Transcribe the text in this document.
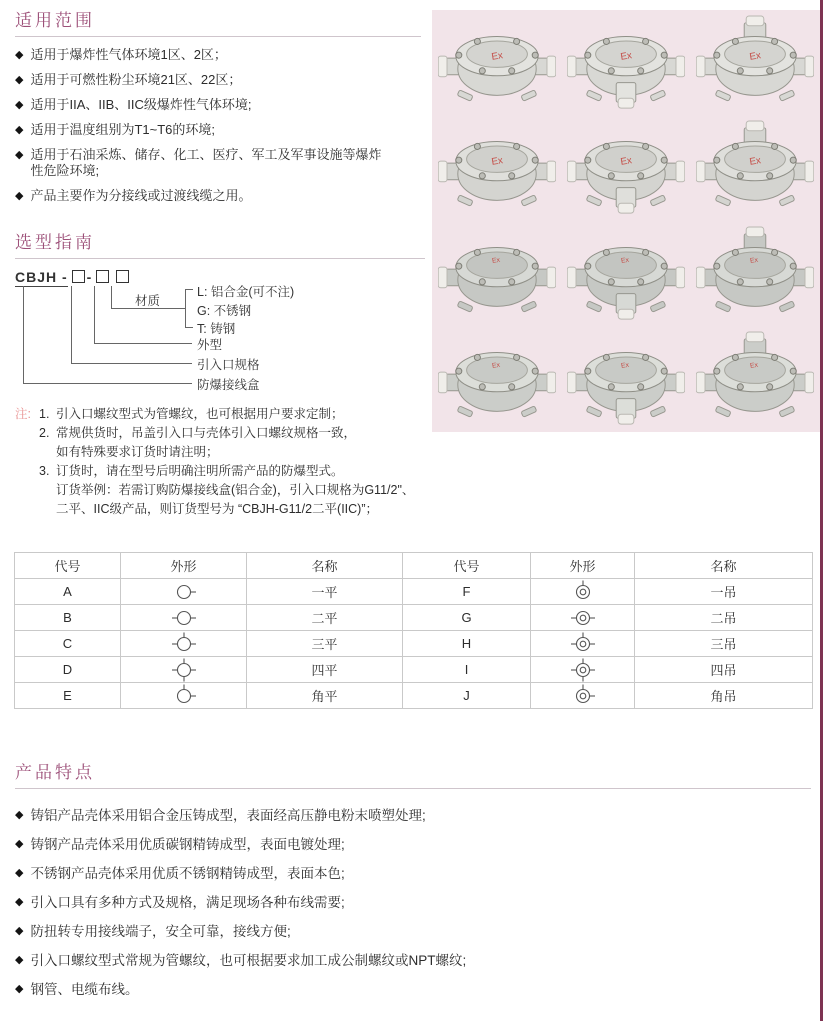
适用范围
◆ 适用于爆炸性气体环境1区、2区；
◆ 适用于可燃性粉尘环境21区、22区；
◆ 适用于IIA、IIB、IIC级爆炸性气体环境;
◆ 适用于温度组别为T1~T6的环境;
◆ 适用于石油采炼、储存、化工、医疗、军工及军事设施等爆炸
性危险环境;
◆ 产品主要作为分接线或过渡线缆之用。
Ex	Ex	Ex
Ex	Ex	Ex
Ex	Ex	Ex
Ex	Ex	Ex
选型指南
CBJH - -
材质
L: 铝合金(可不注)
G: 不锈钢
T: 铸钢
外型
引入口规格
防爆接线盒
注: 1. 引入口螺纹型式为管螺纹，也可根据用户要求定制；
2. 常规供货时，吊盖引入口与壳体引入口螺纹规格一致，
如有特殊要求订货时请注明；
3. 订货时，请在型号后明确注明所需产品的防爆型式。
订货举例：若需订购防爆接线盒(铝合金)，引入口规格为G11/2"、
二平、IIC级产品，则订货型号为 “CBJH-G11/2二平(IIC)”；
代号	外形	名称	代号	外形	名称
A		一平	F		一吊
B		二平	G		二吊
C		三平	H		三吊
D		四平	I		四吊
E		角平	J		角吊
产品特点
◆ 铸铝产品壳体采用铝合金压铸成型，表面经高压静电粉末喷塑处理;
◆ 铸钢产品壳体采用优质碳钢精铸成型，表面电镀处理;
◆ 不锈钢产品壳体采用优质不锈钢精铸成型，表面本色;
◆ 引入口具有多种方式及规格，满足现场各种布线需要;
◆ 防扭转专用接线端子，安全可靠，接线方便;
◆ 引入口螺纹型式常规为管螺纹，也可根据要求加工成公制螺纹或NPT螺纹;
◆ 钢管、电缆布线。
